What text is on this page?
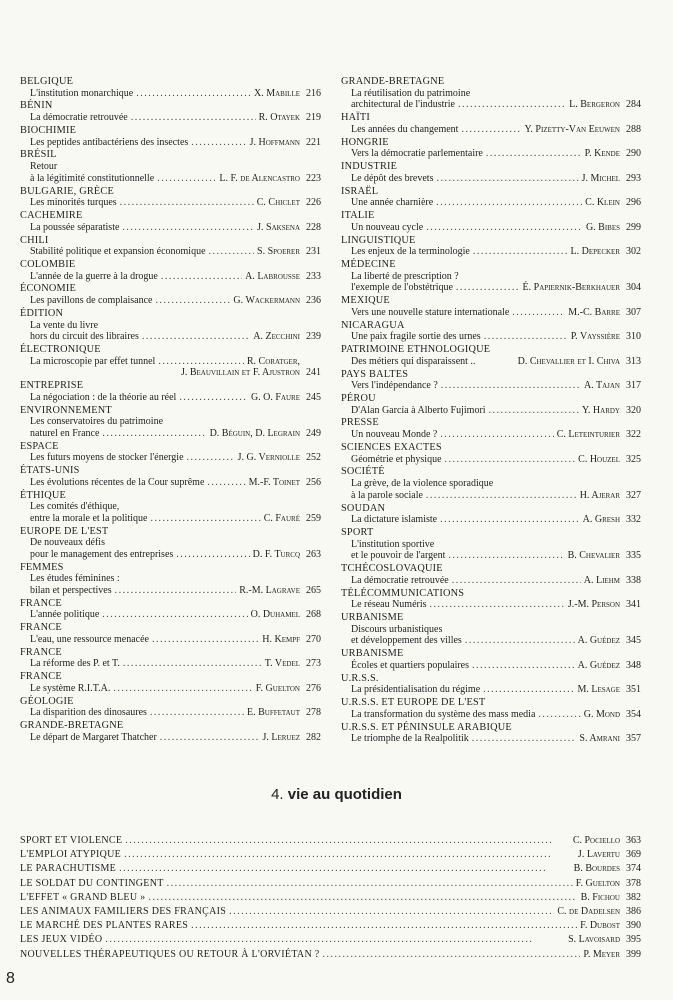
BELGIQUE
L'institution monarchique . . .	X. Mabille 216
BÉNIN
La démocratie retrouvée . . .	R. Otayek 219
BIOCHIMIE
Les peptides antibactériens des insectes . . .	J. Hoffmann 221
BRÉSIL
Retour
à la légitimité constitutionnelle . . .	L. F. de Alencastro 223
BULGARIE, GRÈCE
Les minorités turques . . .	C. Chiclet 226
CACHEMIRE
La poussée séparatiste . . .	J. Saksena 228
CHILI
Stabilité politique et expansion économique . . .	S. Spoerer 231
COLOMBIE
L'année de la guerre à la drogue . . .	A. Labrousse 233
ÉCONOMIE
Les pavillons de complaisance . . .	G. Wackermann 236
ÉDITION
La vente du livre
hors du circuit des libraires . . .	A. Zecchini 239
ÉLECTRONIQUE
La microscopie par effet tunnel . . .	R. Coratger,
J. Beauvillain et F. Ajustron 241
ENTREPRISE
La négociation : de la théorie au réel . . .	G. O. Faure 245
ENVIRONNEMENT
Les conservatoires du patrimoine
naturel en France . . .	D. Béguin, D. Legrain 249
ESPACE
Les futurs moyens de stocker l'énergie . . .	J. G. Vernioll​e 252
ÉTATS-UNIS
Les évolutions récentes de la Cour suprême . . .	M.-F. Toinet 256
ÉTHIQUE
Les comités d'éthique,
entre la morale et la politique . . .	C. Fauré 259
EUROPE DE L'EST
De nouveaux défis
pour le management des entreprises . . .	D. F. Turcq 263
FEMMES
Les études féminines :
bilan et perspectives . . .	R.-M. Lagrave 265
FRANCE
L'année politique . . .	O. Duhamel 268
FRANCE
L'eau, une ressource menacée . . .	H. Kempf 270
FRANCE
La réforme des P. et T. . . .	T. Vedel 273
FRANCE
Le système R.I.T.A. . . .	F. Guelton 276
GÉOLOGIE
La disparition des dinosaures . . .	E. Buffetaut 278
GRANDE-BRETAGNE
Le départ de Margaret Thatcher . . .	J. Leruez 282
GRANDE-BRETAGNE
La réutilisation du patrimoine
architectural de l'industrie . . .	L. Bergeron 284
HAÏTI
Les années du changement . . .	Y. Pizetty-Van Eeuwen 288
HONGRIE
Vers la démocratie parlementaire . . .	P. Kende 290
INDUSTRIE
Le dépôt des brevets . . .	J. Michel 293
ISRAËL
Une année charnière . . .	C. Klein 296
ITALIE
Un nouveau cycle . . .	G. Bibes 299
LINGUISTIQUE
Les enjeux de la terminologie . . .	L. Depecker 302
MÉDECINE
La liberté de prescription ?
l'exemple de l'obstétrique . . .	É. Papiernik-Berkhauer 304
MEXIQUE
Vers une nouvelle stature internationale . . .	M.-C. Barre 307
NICARAGUA
Une paix fragile sortie des urnes . . .	P. Vayssière 310
PATRIMOINE ETHNOLOGIQUE
Des métiers qui disparaissent ..	D. Chevallier et I. Chiva 313
PAYS BALTES
Vers l'indépendance ? . . .	A. Tajan 317
PÉROU
D'Alan García à Alberto Fujimori . . .	Y. Hardy 320
PRESSE
Un nouveau Monde ? . . .	C. Leteinturier 322
SCIENCES EXACTES
Géométrie et physique . . .	C. Houzel 325
SOCIÉTÉ
La grève, de la violence sporadique
à la parole sociale . . .	H. Ajerar 327
SOUDAN
La dictature islamiste . . .	A. Gresh 332
SPORT
L'institution sportive
et le pouvoir de l'argent . . .	B. Chevalier 335
TCHÉCOSLOVAQUIE
La démocratie retrouvée . . .	A. Liehm 338
TÉLÉCOMMUNICATIONS
Le réseau Numéris . . .	J.-M. Person 341
URBANISME
Discours urbanistiques
et développement des villes . . .	A. Guédez 345
URBANISME
Écoles et quartiers populaires . . .	A. Guédez 348
U.R.S.S.
La présidentialisation du régime . . .	M. Lesage 351
U.R.S.S. ET EUROPE DE L'EST
La transformation du système des mass media . . .	G. Mond 354
U.R.S.S. ET PÉNINSULE ARABIQUE
Le triomphe de la Realpolitik . . .	S. Amrani 357
4. vie au quotidien
SPORT ET VIOLENCE . . .	C. Pociello 363
L'EMPLOI ATYPIQUE . . .	J. Lavertu 369
LE PARACHUTISME . . .	B. Bourdes 374
LE SOLDAT DU CONTINGENT . . .	F. Guelton 378
L'EFFET « GRAND BLEU » . . .	B. Fichou 382
LES ANIMAUX FAMILIERS DES FRANÇAIS . . .	C. de Dadelsen 386
LE MARCHÉ DES PLANTES RARES . . .	F. Dubost 390
LES JEUX VIDÉO . . .	S. Lavoisard 395
NOUVELLES THÉRAPEUTIQUES OU RETOUR À L'ORVIÉTAN ? . . .	P. Meyer 399
8
